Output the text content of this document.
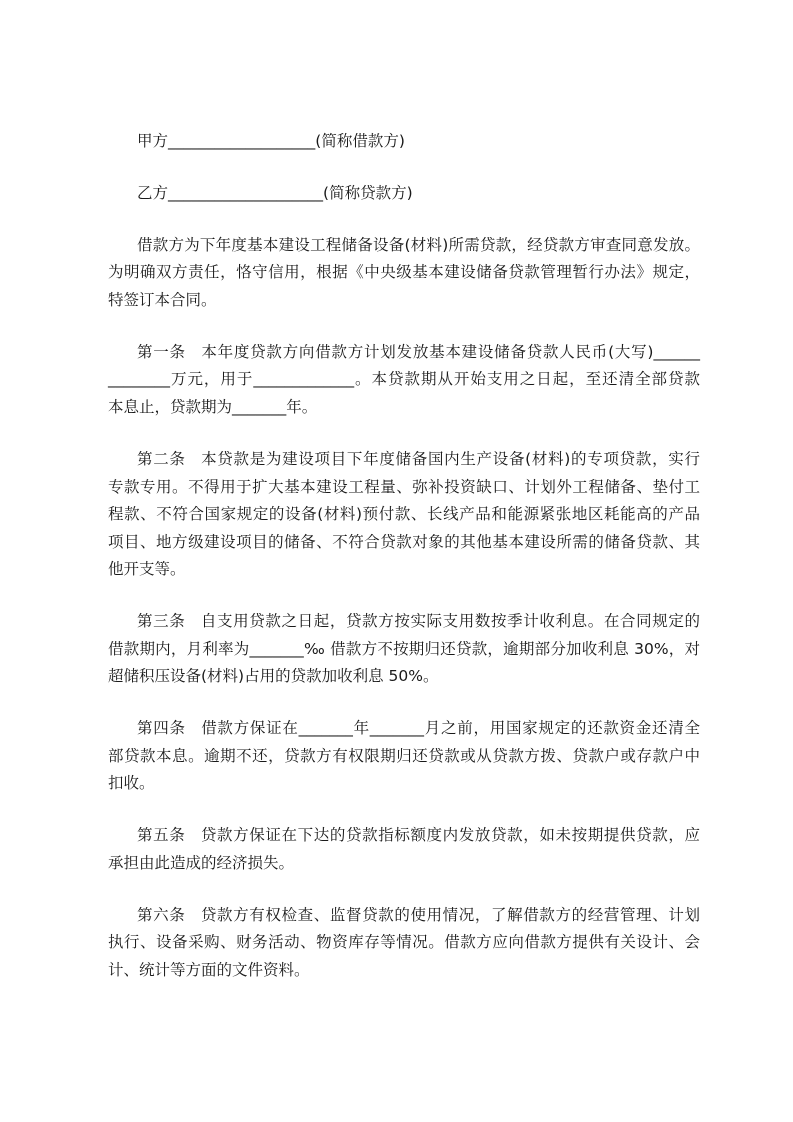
甲方___________________(简称借款方)
乙方____________________(简称贷款方)
借款方为下年度基本建设工程储备设备(材料)所需贷款，经贷款方审查同意发放。
为明确双方责任，恪守信用，根据《中央级基本建设储备贷款管理暂行办法》规定，
特签订本合同。
第一条 本年度贷款方向借款方计划发放基本建设储备贷款人民币(大写)______
________万元，用于_____________。本贷款期从开始支用之日起，至还清全部贷款
本息止，贷款期为_______年。
第二条 本贷款是为建设项目下年度储备国内生产设备(材料)的专项贷款，实行
专款专用。不得用于扩大基本建设工程量、弥补投资缺口、计划外工程储备、垫付工
程款、不符合国家规定的设备(材料)预付款、长线产品和能源紧张地区耗能高的产品
项目、地方级建设项目的储备、不符合贷款对象的其他基本建设所需的储备贷款、其
他开支等。
第三条 自支用贷款之日起，贷款方按实际支用数按季计收利息。在合同规定的
借款期内，月利率为_______‰ 借款方不按期归还贷款，逾期部分加收利息 30%，对
超储积压设备(材料)占用的贷款加收利息 50%。
第四条 借款方保证在_______年_______月之前，用国家规定的还款资金还清全
部贷款本息。逾期不还，贷款方有权限期归还贷款或从贷款方拨、贷款户或存款户中
扣收。
第五条 贷款方保证在下达的贷款指标额度内发放贷款，如未按期提供贷款，应
承担由此造成的经济损失。
第六条 贷款方有权检查、监督贷款的使用情况，了解借款方的经营管理、计划
执行、设备采购、财务活动、物资库存等情况。借款方应向借款方提供有关设计、会
计、统计等方面的文件资料。
